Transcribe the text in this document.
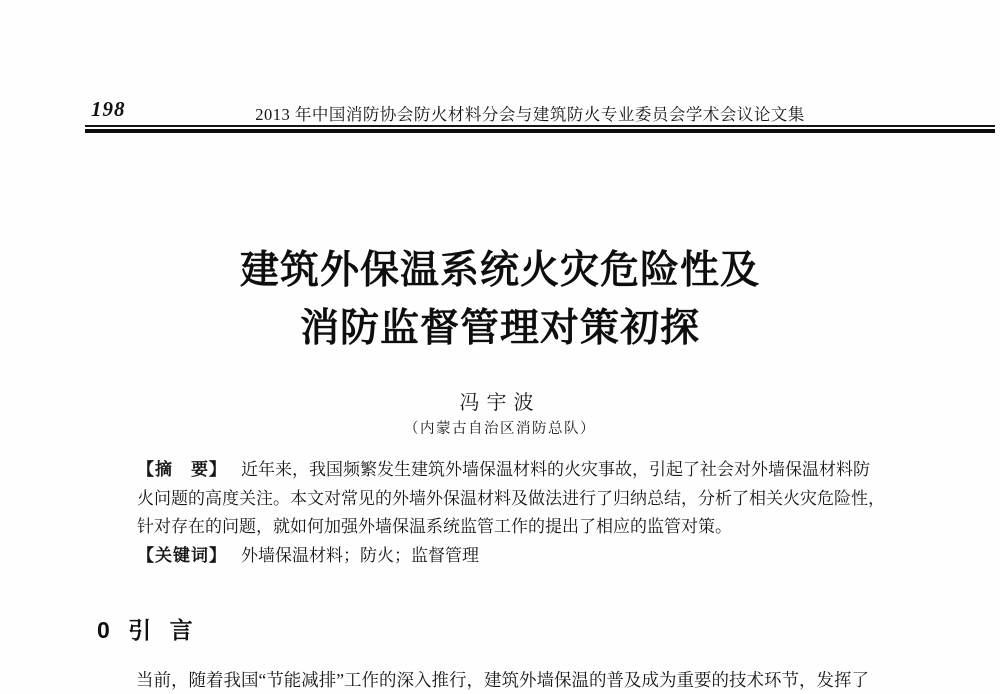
198	2013 年中国消防协会防火材料分会与建筑防火专业委员会学术会议论文集
建筑外保温系统火灾危险性及
消防监督管理对策初探
冯宇波
（内蒙古自治区消防总队）
【摘　要】 近年来，我国频繁发生建筑外墙保温材料的火灾事故，引起了社会对外墙保温材料防
火问题的高度关注。本文对常见的外墙外保温材料及做法进行了归纳总结，分析了相关火灾危险性，
针对存在的问题，就如何加强外墙保温系统监管工作的提出了相应的监管对策。
【关键词】 外墙保温材料；防火；监督管理
0 引 言
当前，随着我国“节能减排”工作的深入推行，建筑外墙保温的普及成为重要的技术环节，发挥了
